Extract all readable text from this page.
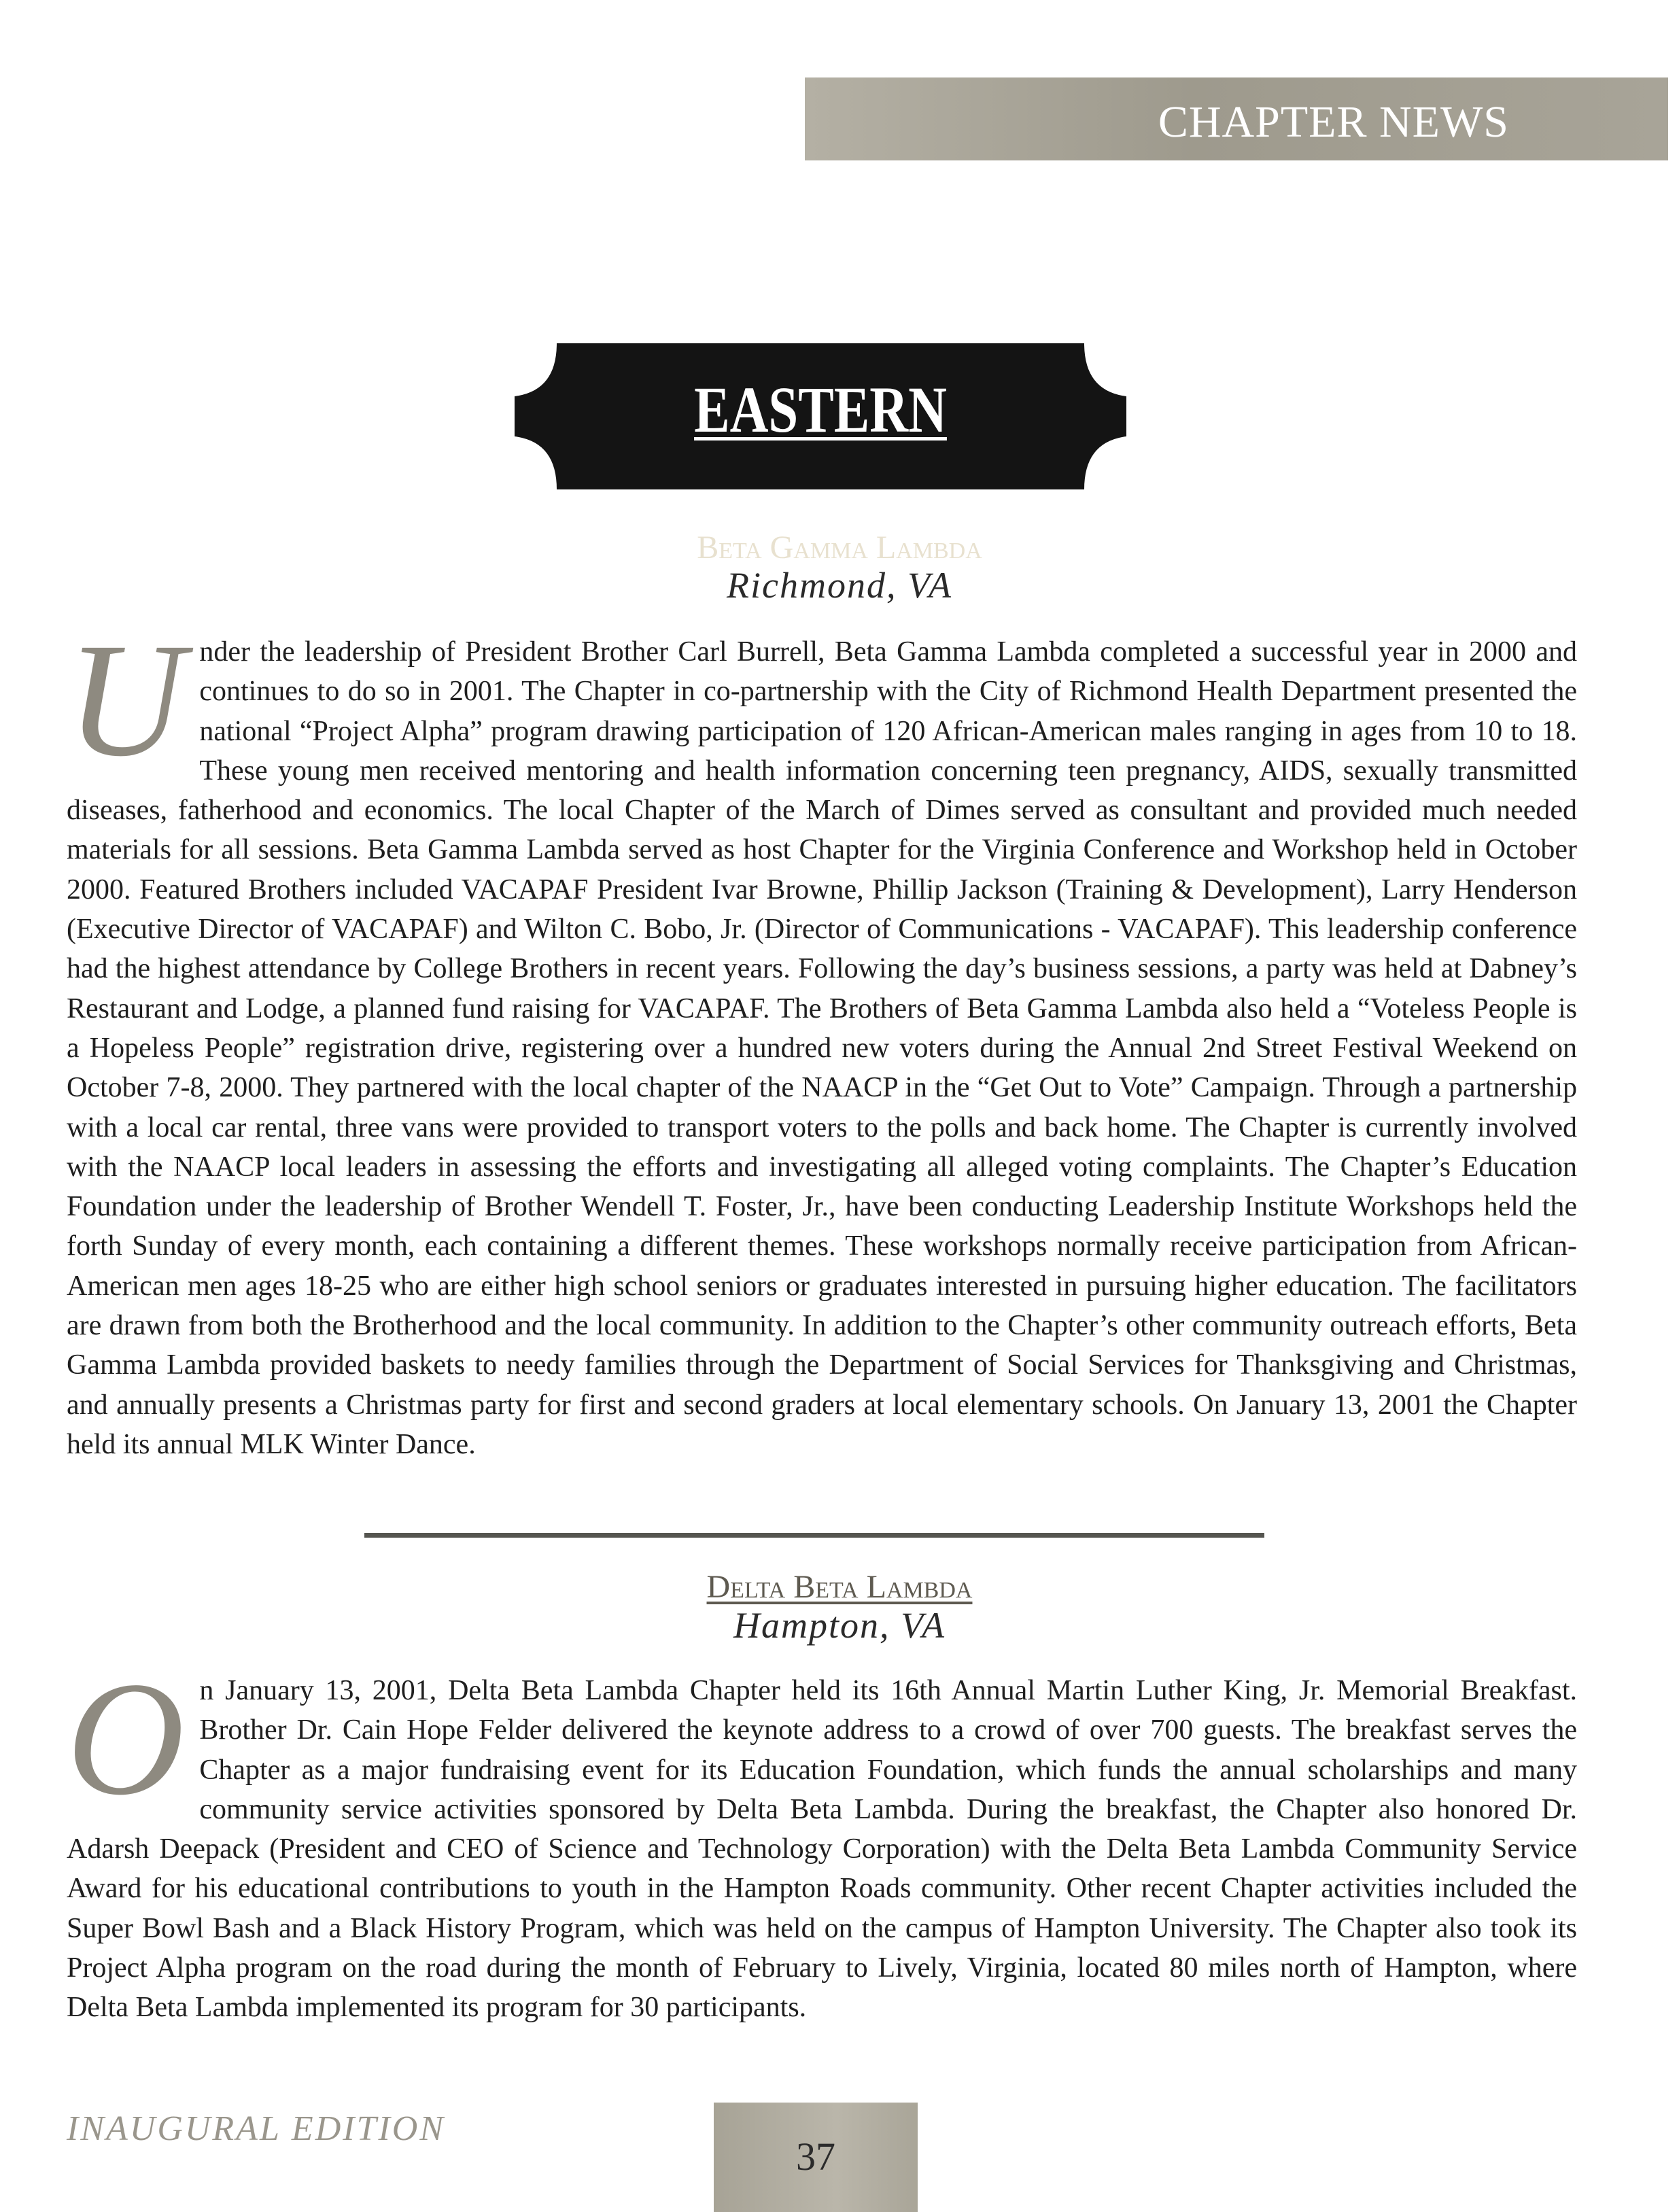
CHAPTER NEWS
EASTERN
Beta Gamma Lambda
Richmond, VA
U nder the leadership of President Brother Carl Burrell, Beta Gamma Lambda completed a successful year in 2000 and continues to do so in 2001. The Chapter in co-partnership with the City of Richmond Health Department presented the national “Project Alpha” program drawing participation of 120 African-American males ranging in ages from 10 to 18. These young men received mentoring and health information concerning teen pregnancy, AIDS, sexually transmitted diseases, fatherhood and economics. The local Chapter of the March of Dimes served as consultant and provided much needed materials for all sessions. Beta Gamma Lambda served as host Chapter for the Virginia Conference and Workshop held in October 2000. Featured Brothers included VACAPAF President Ivar Browne, Phillip Jackson (Training & Development), Larry Henderson (Executive Director of VACAPAF) and Wilton C. Bobo, Jr. (Director of Communications - VACAPAF). This leadership conference had the highest attendance by College Brothers in recent years. Following the day’s business sessions, a party was held at Dabney’s Restaurant and Lodge, a planned fund raising for VACAPAF. The Brothers of Beta Gamma Lambda also held a “Voteless People is a Hopeless People” registration drive, registering over a hundred new voters during the Annual 2nd Street Festival Weekend on October 7-8, 2000. They partnered with the local chapter of the NAACP in the “Get Out to Vote” Campaign. Through a partnership with a local car rental, three vans were provided to transport voters to the polls and back home. The Chapter is currently involved with the NAACP local leaders in assessing the efforts and investigating all alleged voting complaints. The Chapter’s Education Foundation under the leadership of Brother Wendell T. Foster, Jr., have been conducting Leadership Institute Workshops held the forth Sunday of every month, each containing a different themes. These workshops normally receive participation from African-American men ages 18-25 who are either high school seniors or graduates interested in pursuing higher education. The facilitators are drawn from both the Brotherhood and the local community. In addition to the Chapter’s other community outreach efforts, Beta Gamma Lambda provided baskets to needy families through the Department of Social Services for Thanksgiving and Christmas, and annually presents a Christmas party for first and second graders at local elementary schools. On January 13, 2001 the Chapter held its annual MLK Winter Dance.
Delta Beta Lambda
Hampton, VA
O n January 13, 2001, Delta Beta Lambda Chapter held its 16th Annual Martin Luther King, Jr. Memorial Breakfast. Brother Dr. Cain Hope Felder delivered the keynote address to a crowd of over 700 guests. The breakfast serves the Chapter as a major fundraising event for its Education Foundation, which funds the annual scholarships and many community service activities sponsored by Delta Beta Lambda. During the breakfast, the Chapter also honored Dr. Adarsh Deepack (President and CEO of Science and Technology Corporation) with the Delta Beta Lambda Community Service Award for his educational contributions to youth in the Hampton Roads community. Other recent Chapter activities included the Super Bowl Bash and a Black History Program, which was held on the campus of Hampton University. The Chapter also took its Project Alpha program on the road during the month of February to Lively, Virginia, located 80 miles north of Hampton, where Delta Beta Lambda implemented its program for 30 participants.
INAUGURAL EDITION
37
